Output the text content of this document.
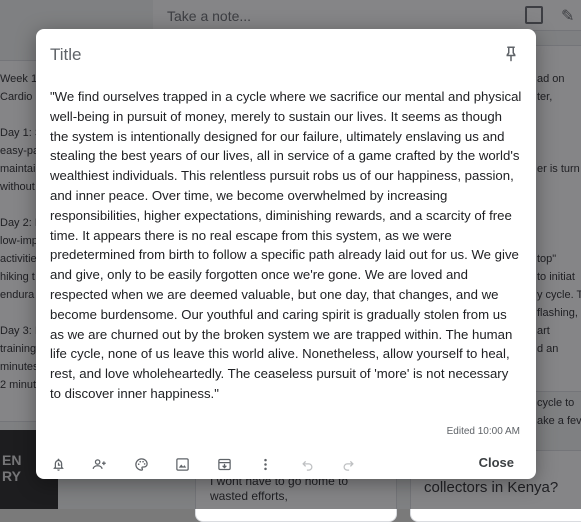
Title
"We find ourselves trapped in a cycle where we sacrifice our mental and physical well-being in pursuit of money, merely to sustain our lives. It seems as though the system is intentionally designed for our failure, ultimately enslaving us and stealing the best years of our lives, all in service of a game crafted by the world's wealthiest individuals. This relentless pursuit robs us of our happiness, passion, and inner peace. Over time, we become overwhelmed by increasing responsibilities, higher expectations, diminishing rewards, and a scarcity of free time. It appears there is no real escape from this system, as we were predetermined from birth to follow a specific path already laid out for us. We give and give, only to be easily forgotten once we're gone. We are loved and respected when we are deemed valuable, but one day, that changes, and we become burdensome. Our youthful and caring spirit is gradually stolen from us as we are churned out by the broken system we are trapped within. The human life cycle, none of us leave this world alive. Nonetheless, allow yourself to heal, rest, and love wholeheartedly. The ceaseless pursuit of 'more' is not necessary to discover inner happiness."
Edited 10:00 AM
Close
